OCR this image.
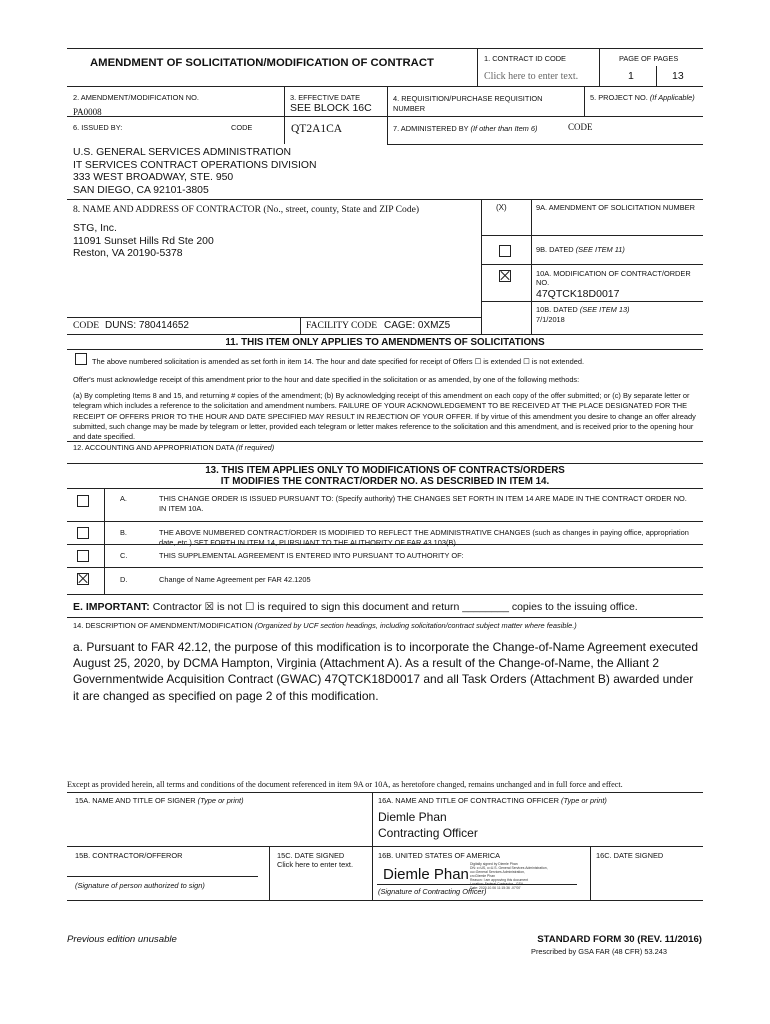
AMENDMENT OF SOLICITATION/MODIFICATION OF CONTRACT	1. CONTRACT ID CODE
Click here to enter text.
PAGE OF PAGES
1	13
2. AMENDMENT/MODIFICATION NO.
PA0008
3. EFFECTIVE DATE
SEE BLOCK 16C
4. REQUISITION/PURCHASE REQUISITION NUMBER
5. PROJECT NO. (If Applicable)
6. ISSUED BY:	CODE	QT2A1CA	7. ADMINISTERED BY (If other than Item 6)	CODE
U.S. GENERAL SERVICES ADMINISTRATION
IT SERVICES CONTRACT OPERATIONS DIVISION
333 WEST BROADWAY, STE. 950
SAN DIEGO, CA 92101-3805
8. NAME AND ADDRESS OF CONTRACTOR (No., street, county, State and ZIP Code)	(X)
STG, Inc.
11091 Sunset Hills Rd Ste 200
Reston, VA 20190-5378
9A. AMENDMENT OF SOLICITATION NUMBER
9B. DATED (SEE ITEM 11)
10A. MODIFICATION OF CONTRACT/ORDER NO.
47QTCK18D0017
10B. DATED (SEE ITEM 13)
7/1/2018
CODE DUNS: 780414652	FACILITY CODE CAGE: 0XMZ5
11. THIS ITEM ONLY APPLIES TO AMENDMENTS OF SOLICITATIONS
The above numbered solicitation is amended as set forth in item 14. The hour and date specified for receipt of Offers ☐ is extended ☐ is not extended.
Offer's must acknowledge receipt of this amendment prior to the hour and date specified in the solicitation or as amended, by one of the following methods:
(a) By completing Items 8 and 15, and returning # copies of the amendment; (b) By acknowledging receipt of this amendment on each copy of the offer submitted; or (c) By separate letter or telegram which includes a reference to the solicitation and amendment numbers. FAILURE OF YOUR ACKNOWLEDGEMENT TO BE RECEIVED AT THE PLACE DESIGNATED FOR THE RECEIPT OF OFFERS PRIOR TO THE HOUR AND DATE SPECIFIED MAY RESULT IN REJECTION OF YOUR OFFER. If by virtue of this amendment you desire to change an offer already submitted, such change may be made by telegram or letter, provided each telegram or letter makes reference to the solicitation and this amendment, and is received prior to the opening hour and date specified.
12. ACCOUNTING AND APPROPRIATION DATA (If required)
13. THIS ITEM APPLIES ONLY TO MODIFICATIONS OF CONTRACTS/ORDERS
IT MODIFIES THE CONTRACT/ORDER NO. AS DESCRIBED IN ITEM 14.
A.	THIS CHANGE ORDER IS ISSUED PURSUANT TO: (Specify authority) THE CHANGES SET FORTH IN ITEM 14 ARE MADE IN THE CONTRACT ORDER NO. IN ITEM 10A.
B.	THE ABOVE NUMBERED CONTRACT/ORDER IS MODIFIED TO REFLECT THE ADMINISTRATIVE CHANGES (such as changes in paying office, appropriation date, etc.) SET FORTH IN ITEM 14, PURSUANT TO THE AUTHORITY OF FAR 43.103(B).
C.	THIS SUPPLEMENTAL AGREEMENT IS ENTERED INTO PURSUANT TO AUTHORITY OF:
D.	Change of Name Agreement per FAR 42.1205
E. IMPORTANT: Contractor ☒ is not ☐ is required to sign this document and return ________ copies to the issuing office.
14. DESCRIPTION OF AMENDMENT/MODIFICATION (Organized by UCF section headings, including solicitation/contract subject matter where feasible.)
a. Pursuant to FAR 42.12, the purpose of this modification is to incorporate the Change-of-Name Agreement executed August 25, 2020, by DCMA Hampton, Virginia (Attachment A). As a result of the Change-of-Name, the Alliant 2 Governmentwide Acquisition Contract (GWAC) 47QTCK18D0017 and all Task Orders (Attachment B) awarded under it are changed as specified on page 2 of this modification.
Except as provided herein, all terms and conditions of the document referenced in item 9A or 10A, as heretofore changed, remains unchanged and in full force and effect.
15A. NAME AND TITLE OF SIGNER (Type or print)	16A. NAME AND TITLE OF CONTRACTING OFFICER (Type or print)
Diemle Phan
Contracting Officer
15B. CONTRACTOR/OFFEROR
(Signature of person authorized to sign)
15C. DATE SIGNED
Click here to enter text.
16B. UNITED STATES OF AMERICA
Diemle Phan
Digitally signed by Diemle Phan
DN: c=US, o=U.S. General Services Administration,
ou=General Services Administration,
cn=Diemle Phan
Reason: I am approving this document
Location: Federal Contractor - GSA
Date: 2020.10.06 11:15:36 -07'00'
(Signature of Contracting Officer)
16C. DATE SIGNED
Previous edition unusable	STANDARD FORM 30 (REV. 11/2016)
Prescribed by GSA FAR (48 CFR) 53.243
